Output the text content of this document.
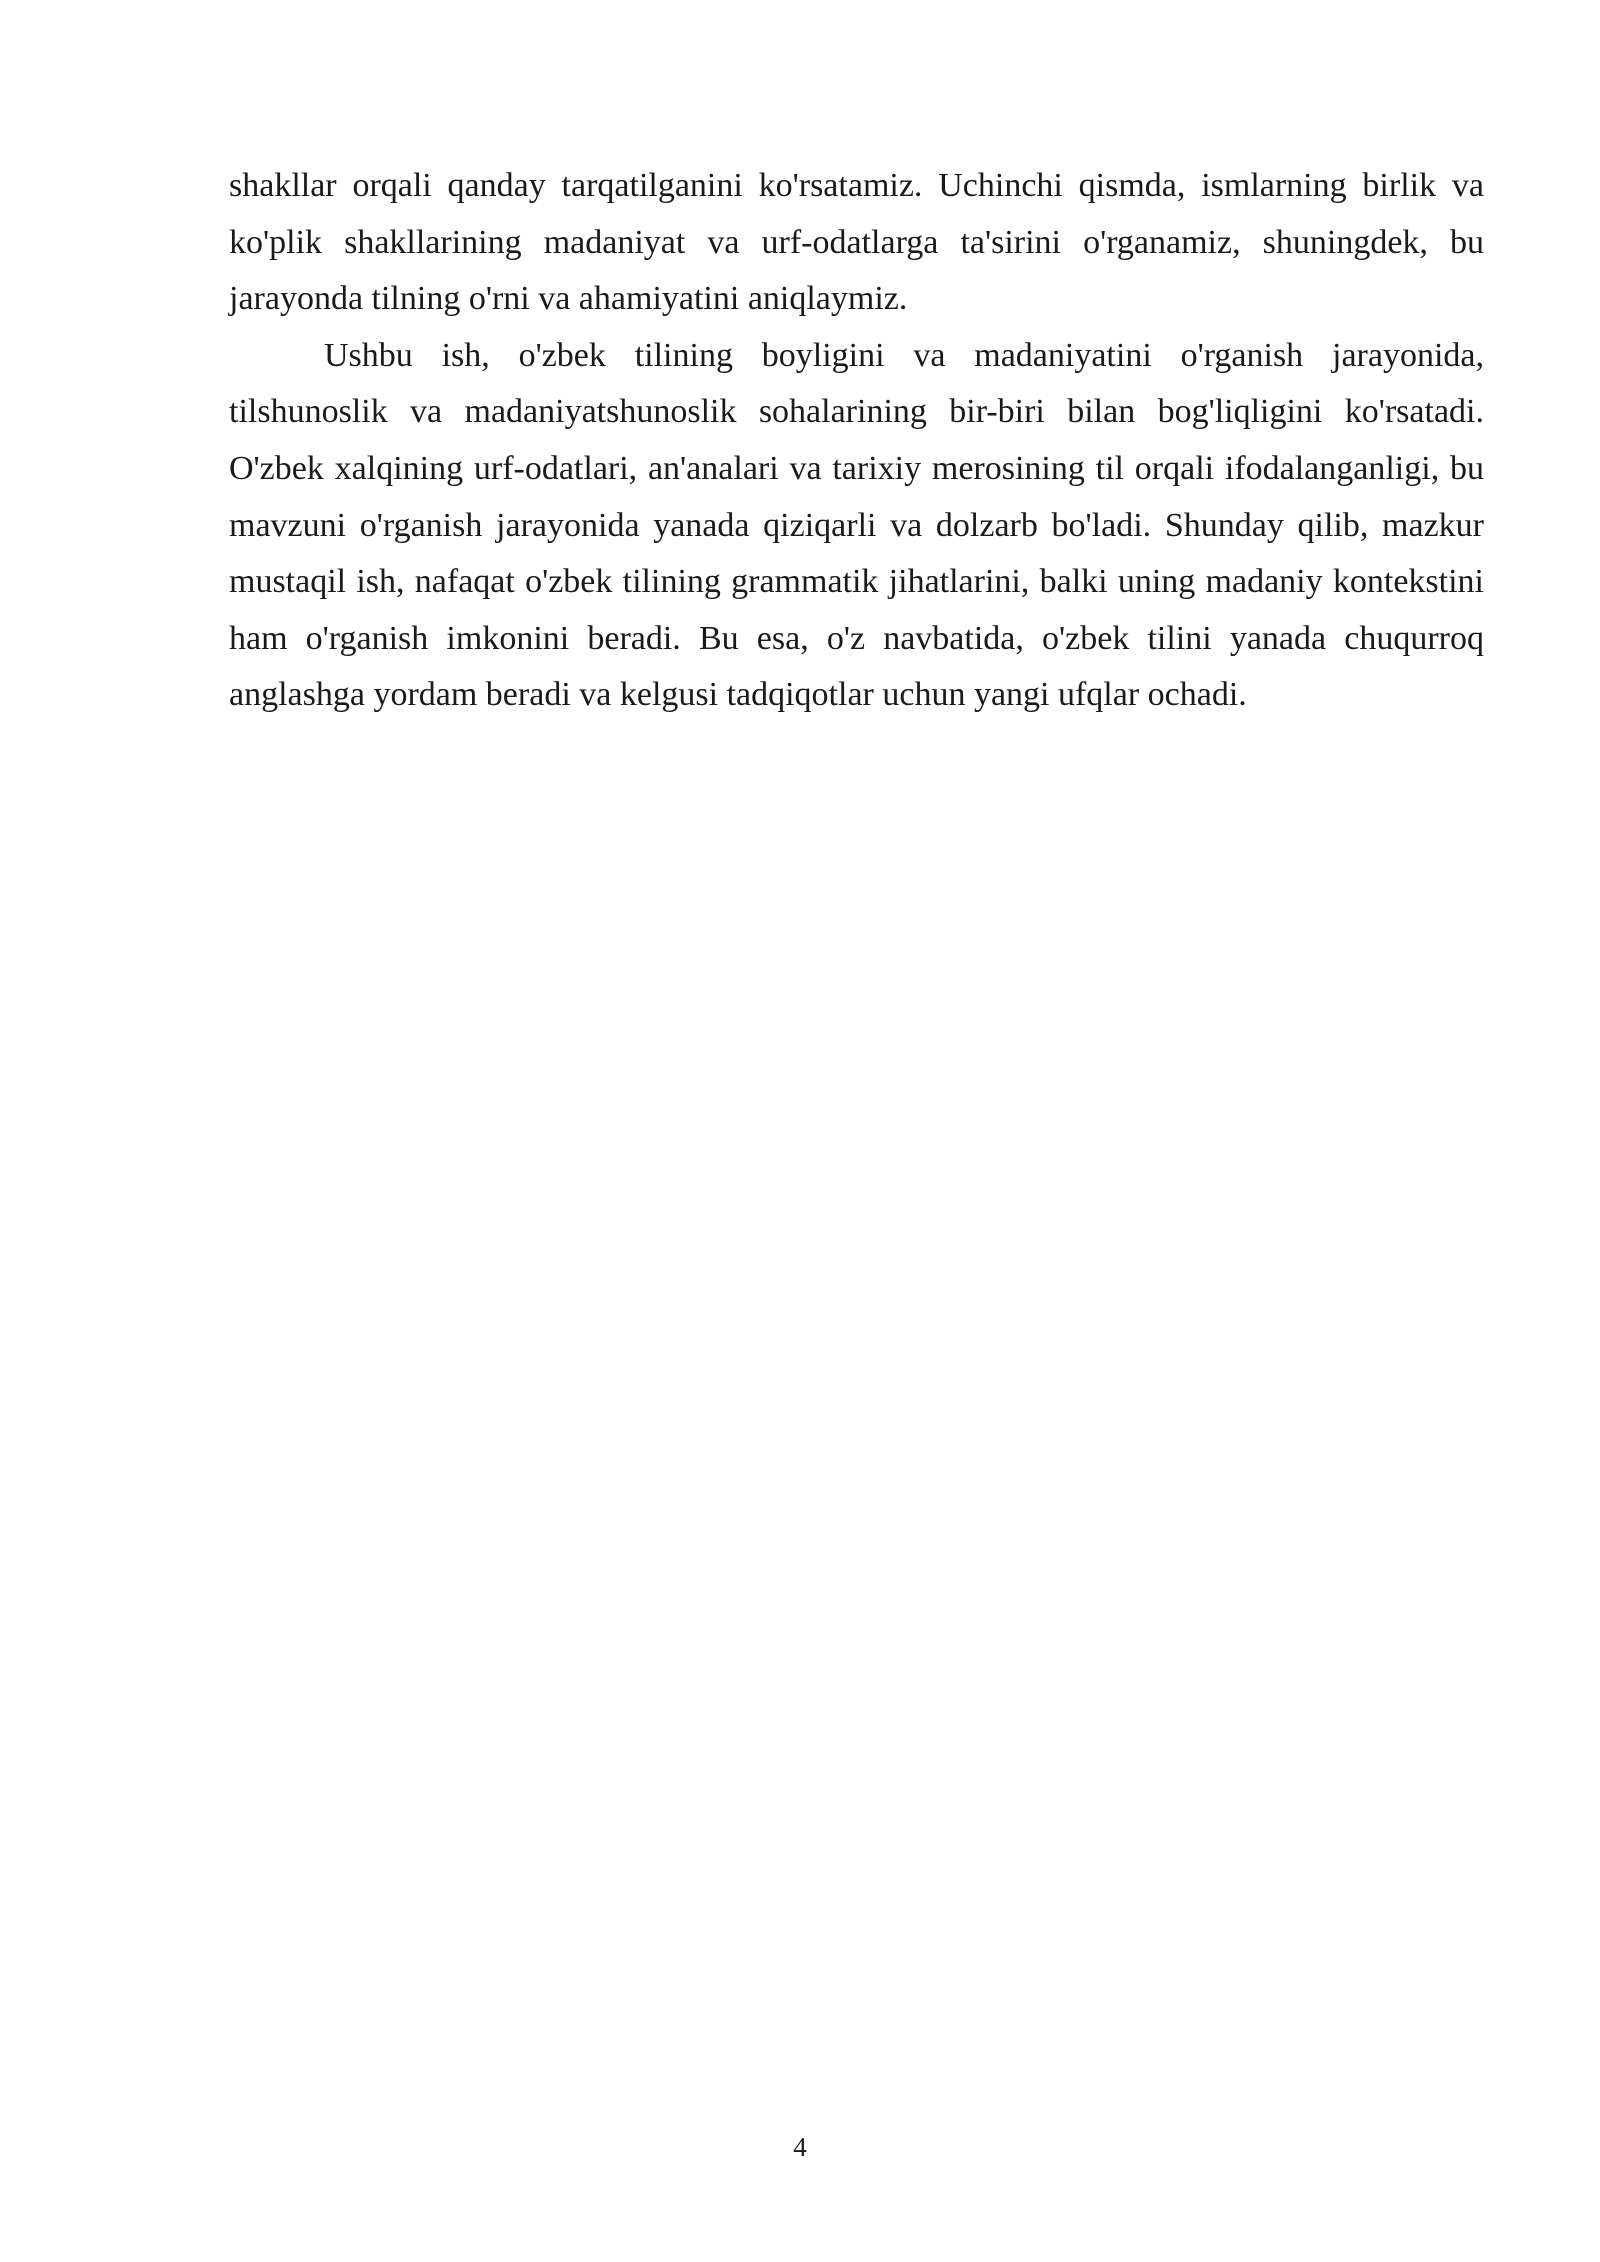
shakllar orqali qanday tarqatilganini ko'rsatamiz. Uchinchi qismda, ismlarning birlik va ko'plik shakllarining madaniyat va urf-odatlarga ta'sirini o'rganamiz, shuningdek, bu jarayonda tilning o'rni va ahamiyatini aniqlaymiz.

Ushbu ish, o'zbek tilining boyligini va madaniyatini o'rganish jarayonida, tilshunoslik va madaniyatshunoslik sohalarining bir-biri bilan bog'liqligini ko'rsatadi. O'zbek xalqining urf-odatlari, an'analari va tarixiy merosining til orqali ifodalanganligi, bu mavzuni o'rganish jarayonida yanada qiziqarli va dolzarb bo'ladi. Shunday qilib, mazkur mustaqil ish, nafaqat o'zbek tilining grammatik jihatlarini, balki uning madaniy kontekstini ham o'rganish imkonini beradi. Bu esa, o'z navbatida, o'zbek tilini yanada chuqurroq anglashga yordam beradi va kelgusi tadqiqotlar uchun yangi ufqlar ochadi.

4
